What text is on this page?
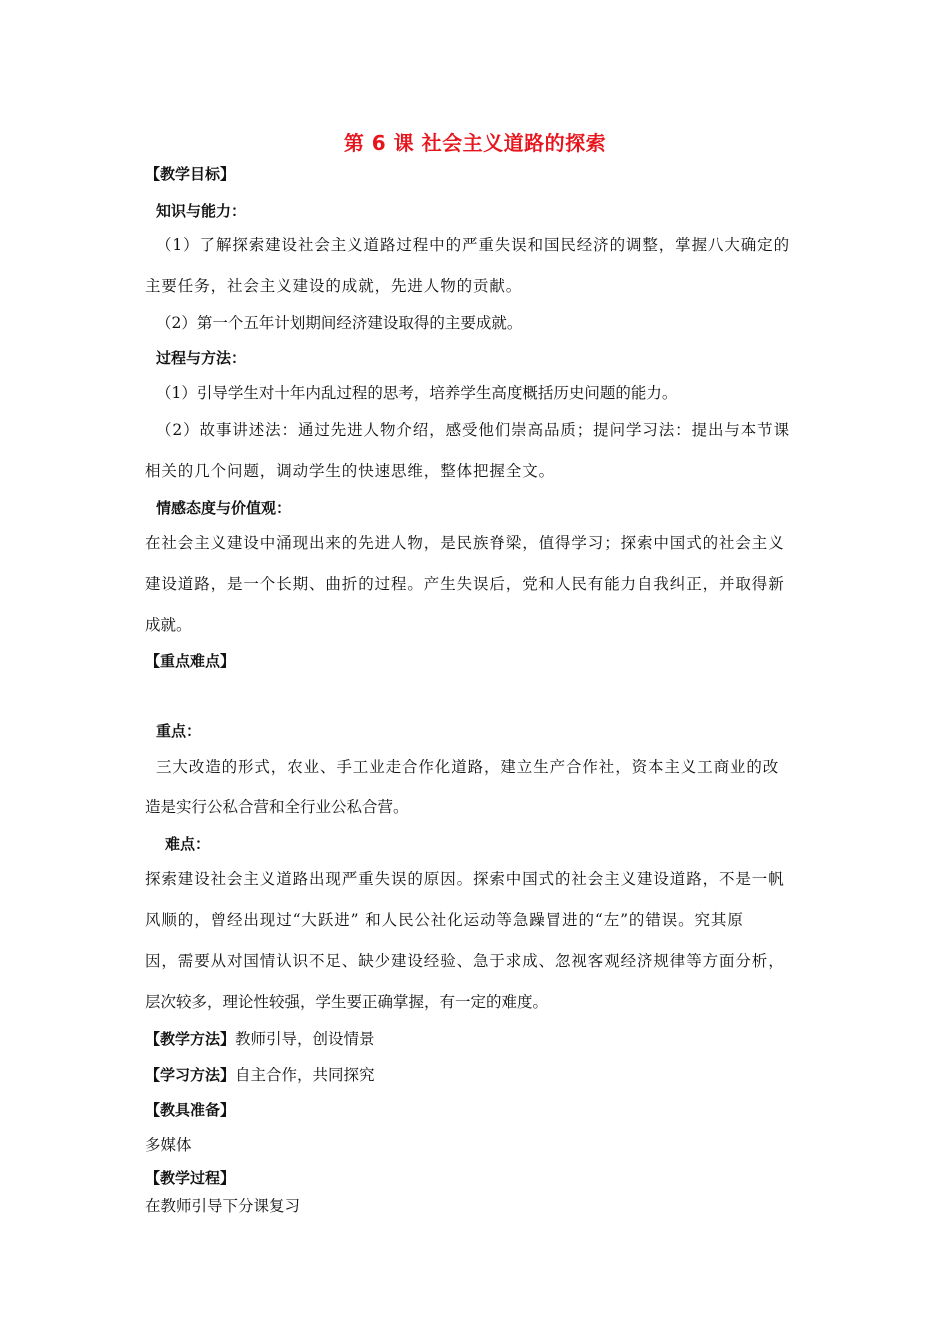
第 6 课 社会主义道路的探索
【教学目标】
知识与能力：
（1）了解探索建设社会主义道路过程中的严重失误和国民经济的调整，掌握八大确定的
主要任务，社会主义建设的成就，先进人物的贡献。
（2）第一个五年计划期间经济建设取得的主要成就。
过程与方法：
（1）引导学生对十年内乱过程的思考，培养学生高度概括历史问题的能力。
（2）故事讲述法：通过先进人物介绍，感受他们崇高品质；提问学习法：提出与本节课
相关的几个问题，调动学生的快速思维，整体把握全文。
情感态度与价值观：
在社会主义建设中涌现出来的先进人物，是民族脊梁，值得学习；探索中国式的社会主义
建设道路，是一个长期、曲折的过程。产生失误后，党和人民有能力自我纠正，并取得新
成就。
【重点难点】
重点：
三大改造的形式，农业、手工业走合作化道路，建立生产合作社，资本主义工商业的改
造是实行公私合营和全行业公私合营。
难点：
探索建设社会主义道路出现严重失误的原因。探索中国式的社会主义建设道路，不是一帆
风顺的，曾经出现过“大跃进” 和人民公社化运动等急躁冒进的“左”的错误。究其原
因，需要从对国情认识不足、缺少建设经验、急于求成、忽视客观经济规律等方面分析，
层次较多，理论性较强，学生要正确掌握，有一定的难度。
【教学方法】教师引导，创设情景
【学习方法】自主合作，共同探究
【教具准备】
多媒体
【教学过程】
在教师引导下分课复习
